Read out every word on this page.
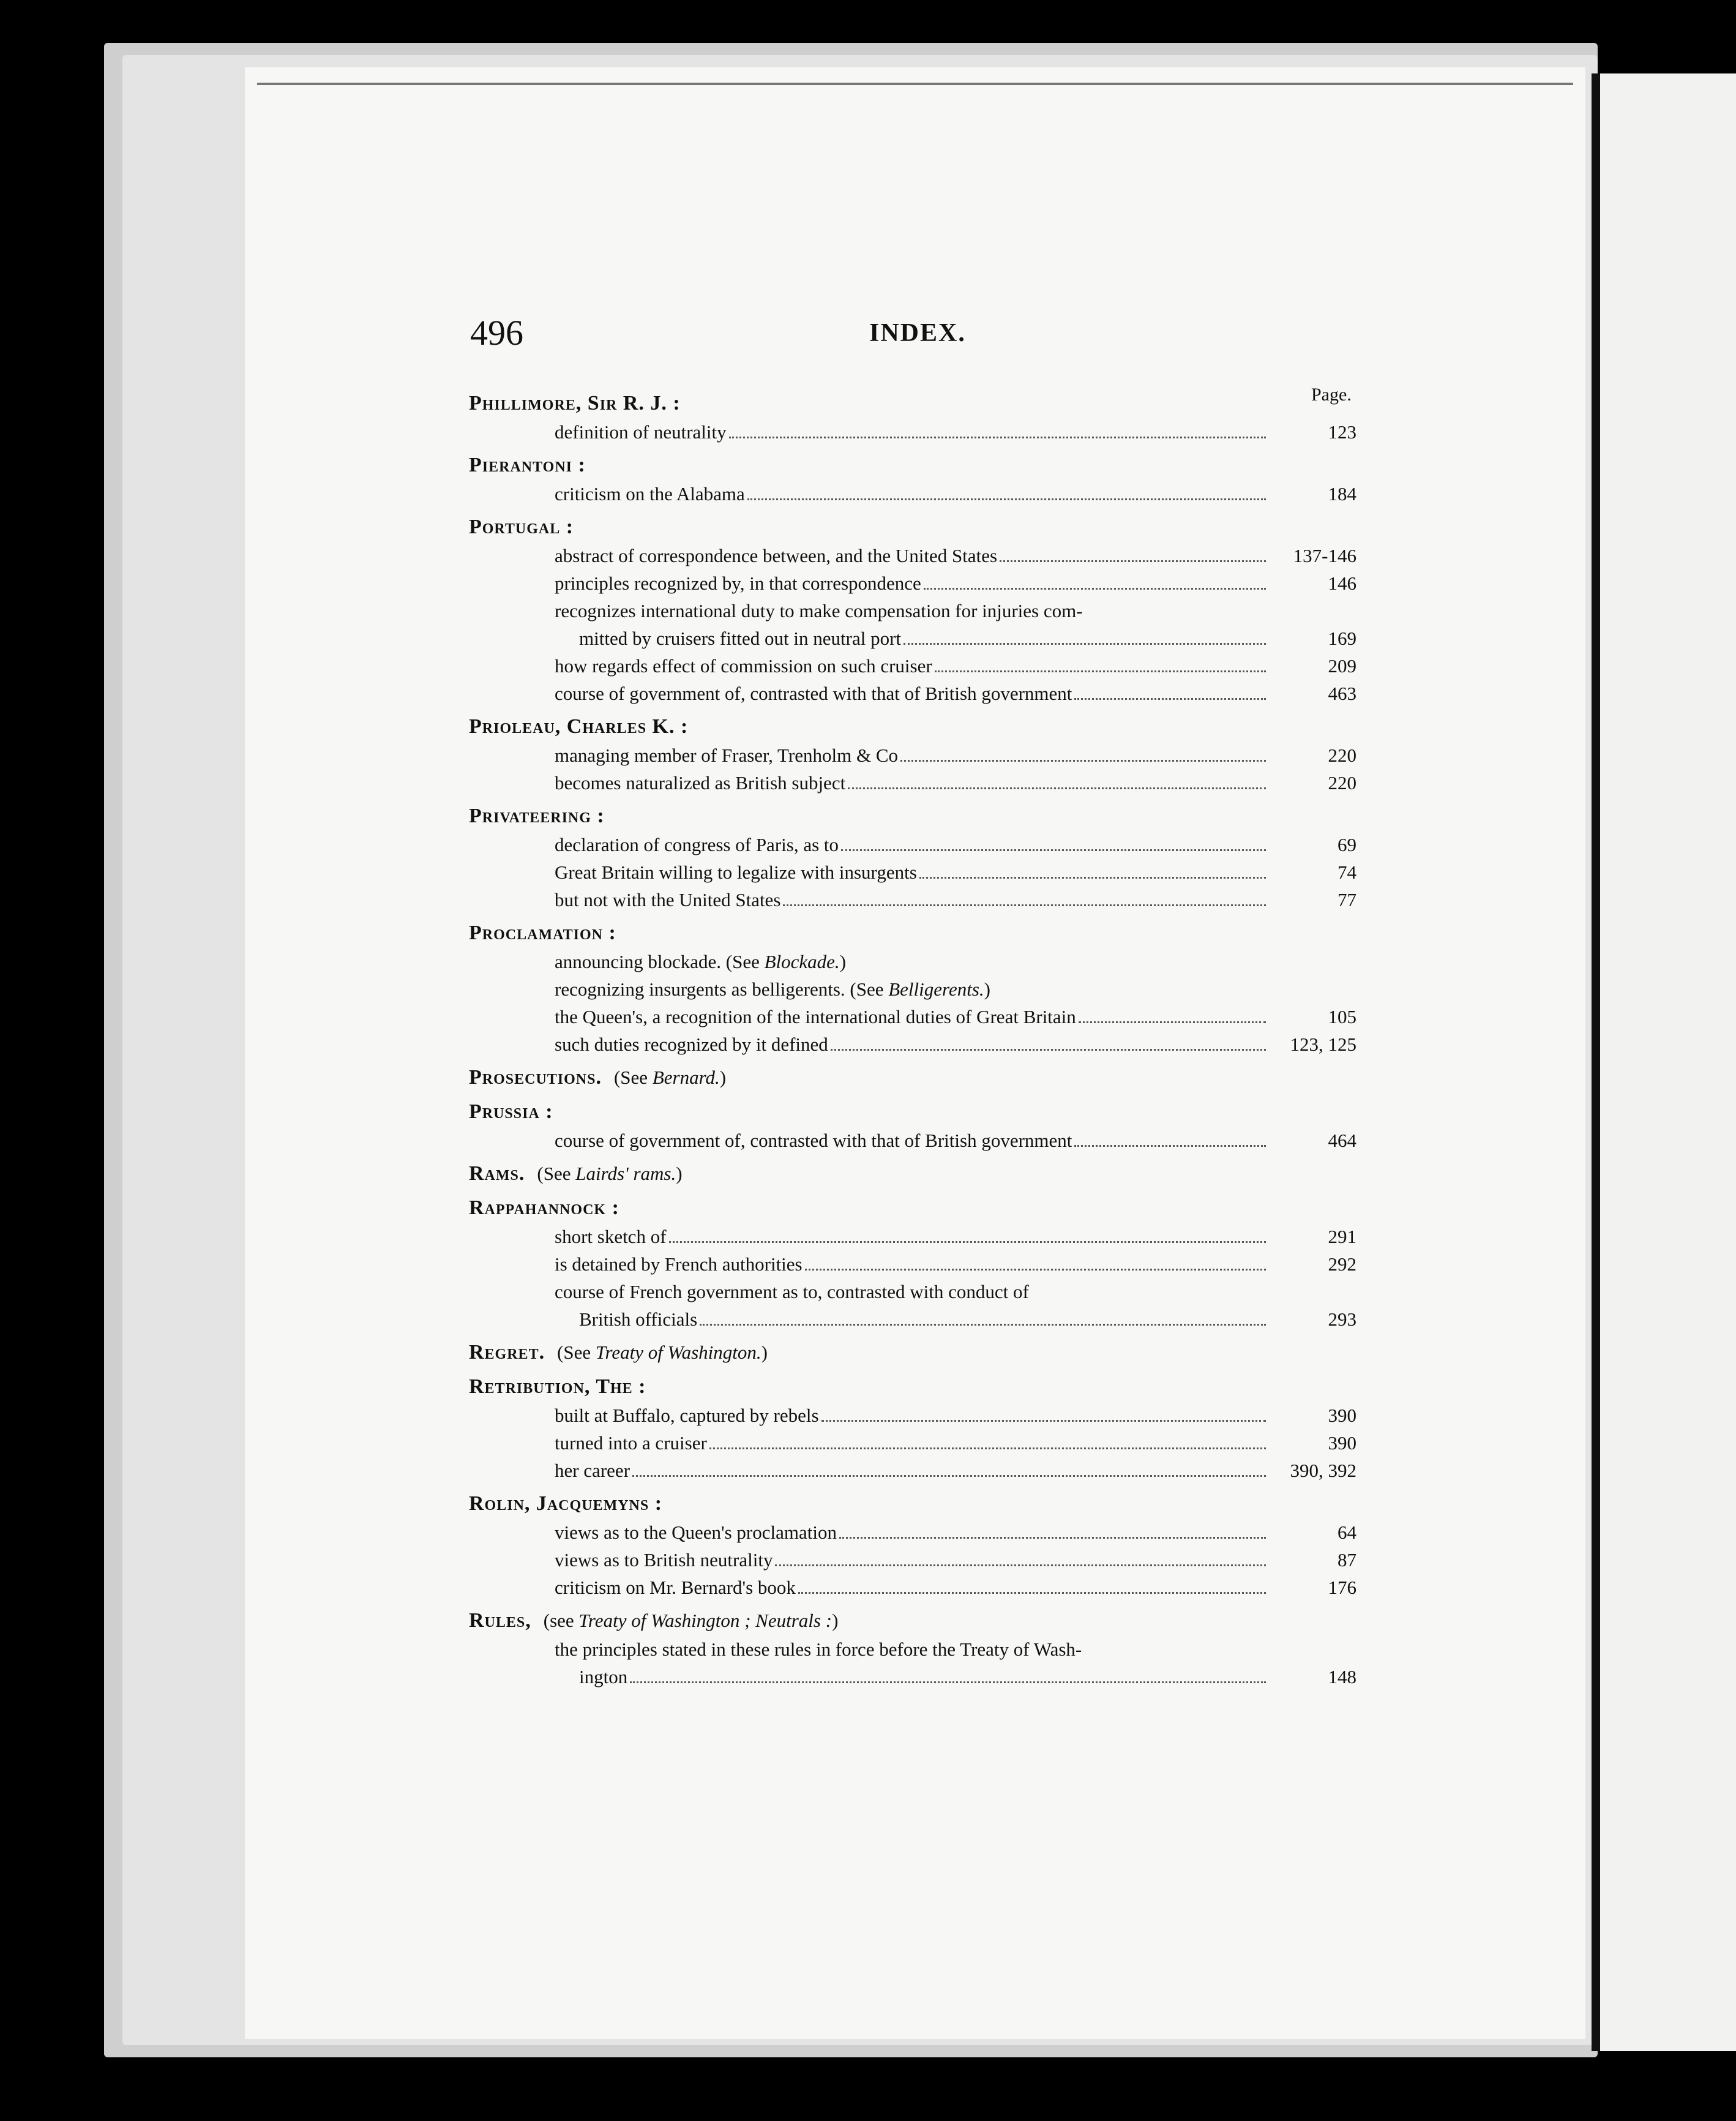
496	INDEX.
Page.
Phillimore, Sir R. J. :
definition of neutrality	123
Pierantoni :
criticism on the Alabama	184
Portugal :
abstract of correspondence between, and the United States	137-146
principles recognized by, in that correspondence	146
recognizes international duty to make compensation for injuries com-
mitted by cruisers fitted out in neutral port	169
how regards effect of commission on such cruiser	209
course of government of, contrasted with that of British government	463
Prioleau, Charles K. :
managing member of Fraser, Trenholm & Co	220
becomes naturalized as British subject	220
Privateering :
declaration of congress of Paris, as to	69
Great Britain willing to legalize with insurgents	74
but not with the United States	77
Proclamation :
announcing blockade. (See Blockade.)
recognizing insurgents as belligerents. (See Belligerents.)
the Queen's, a recognition of the international duties of Great Britain	105
such duties recognized by it defined	123, 125
Prosecutions. (See Bernard.)
Prussia :
course of government of, contrasted with that of British government	464
Rams. (See Lairds' rams.)
Rappahannock :
short sketch of	291
is detained by French authorities	292
course of French government as to, contrasted with conduct of
British officials	293
Regret. (See Treaty of Washington.)
Retribution, The :
built at Buffalo, captured by rebels	390
turned into a cruiser	390
her career	390, 392
Rolin, Jacquemyns :
views as to the Queen's proclamation	64
views as to British neutrality	87
criticism on Mr. Bernard's book	176
Rules, (see Treaty of Washington ; Neutrals :)
the principles stated in these rules in force before the Treaty of Wash-
ington	148
